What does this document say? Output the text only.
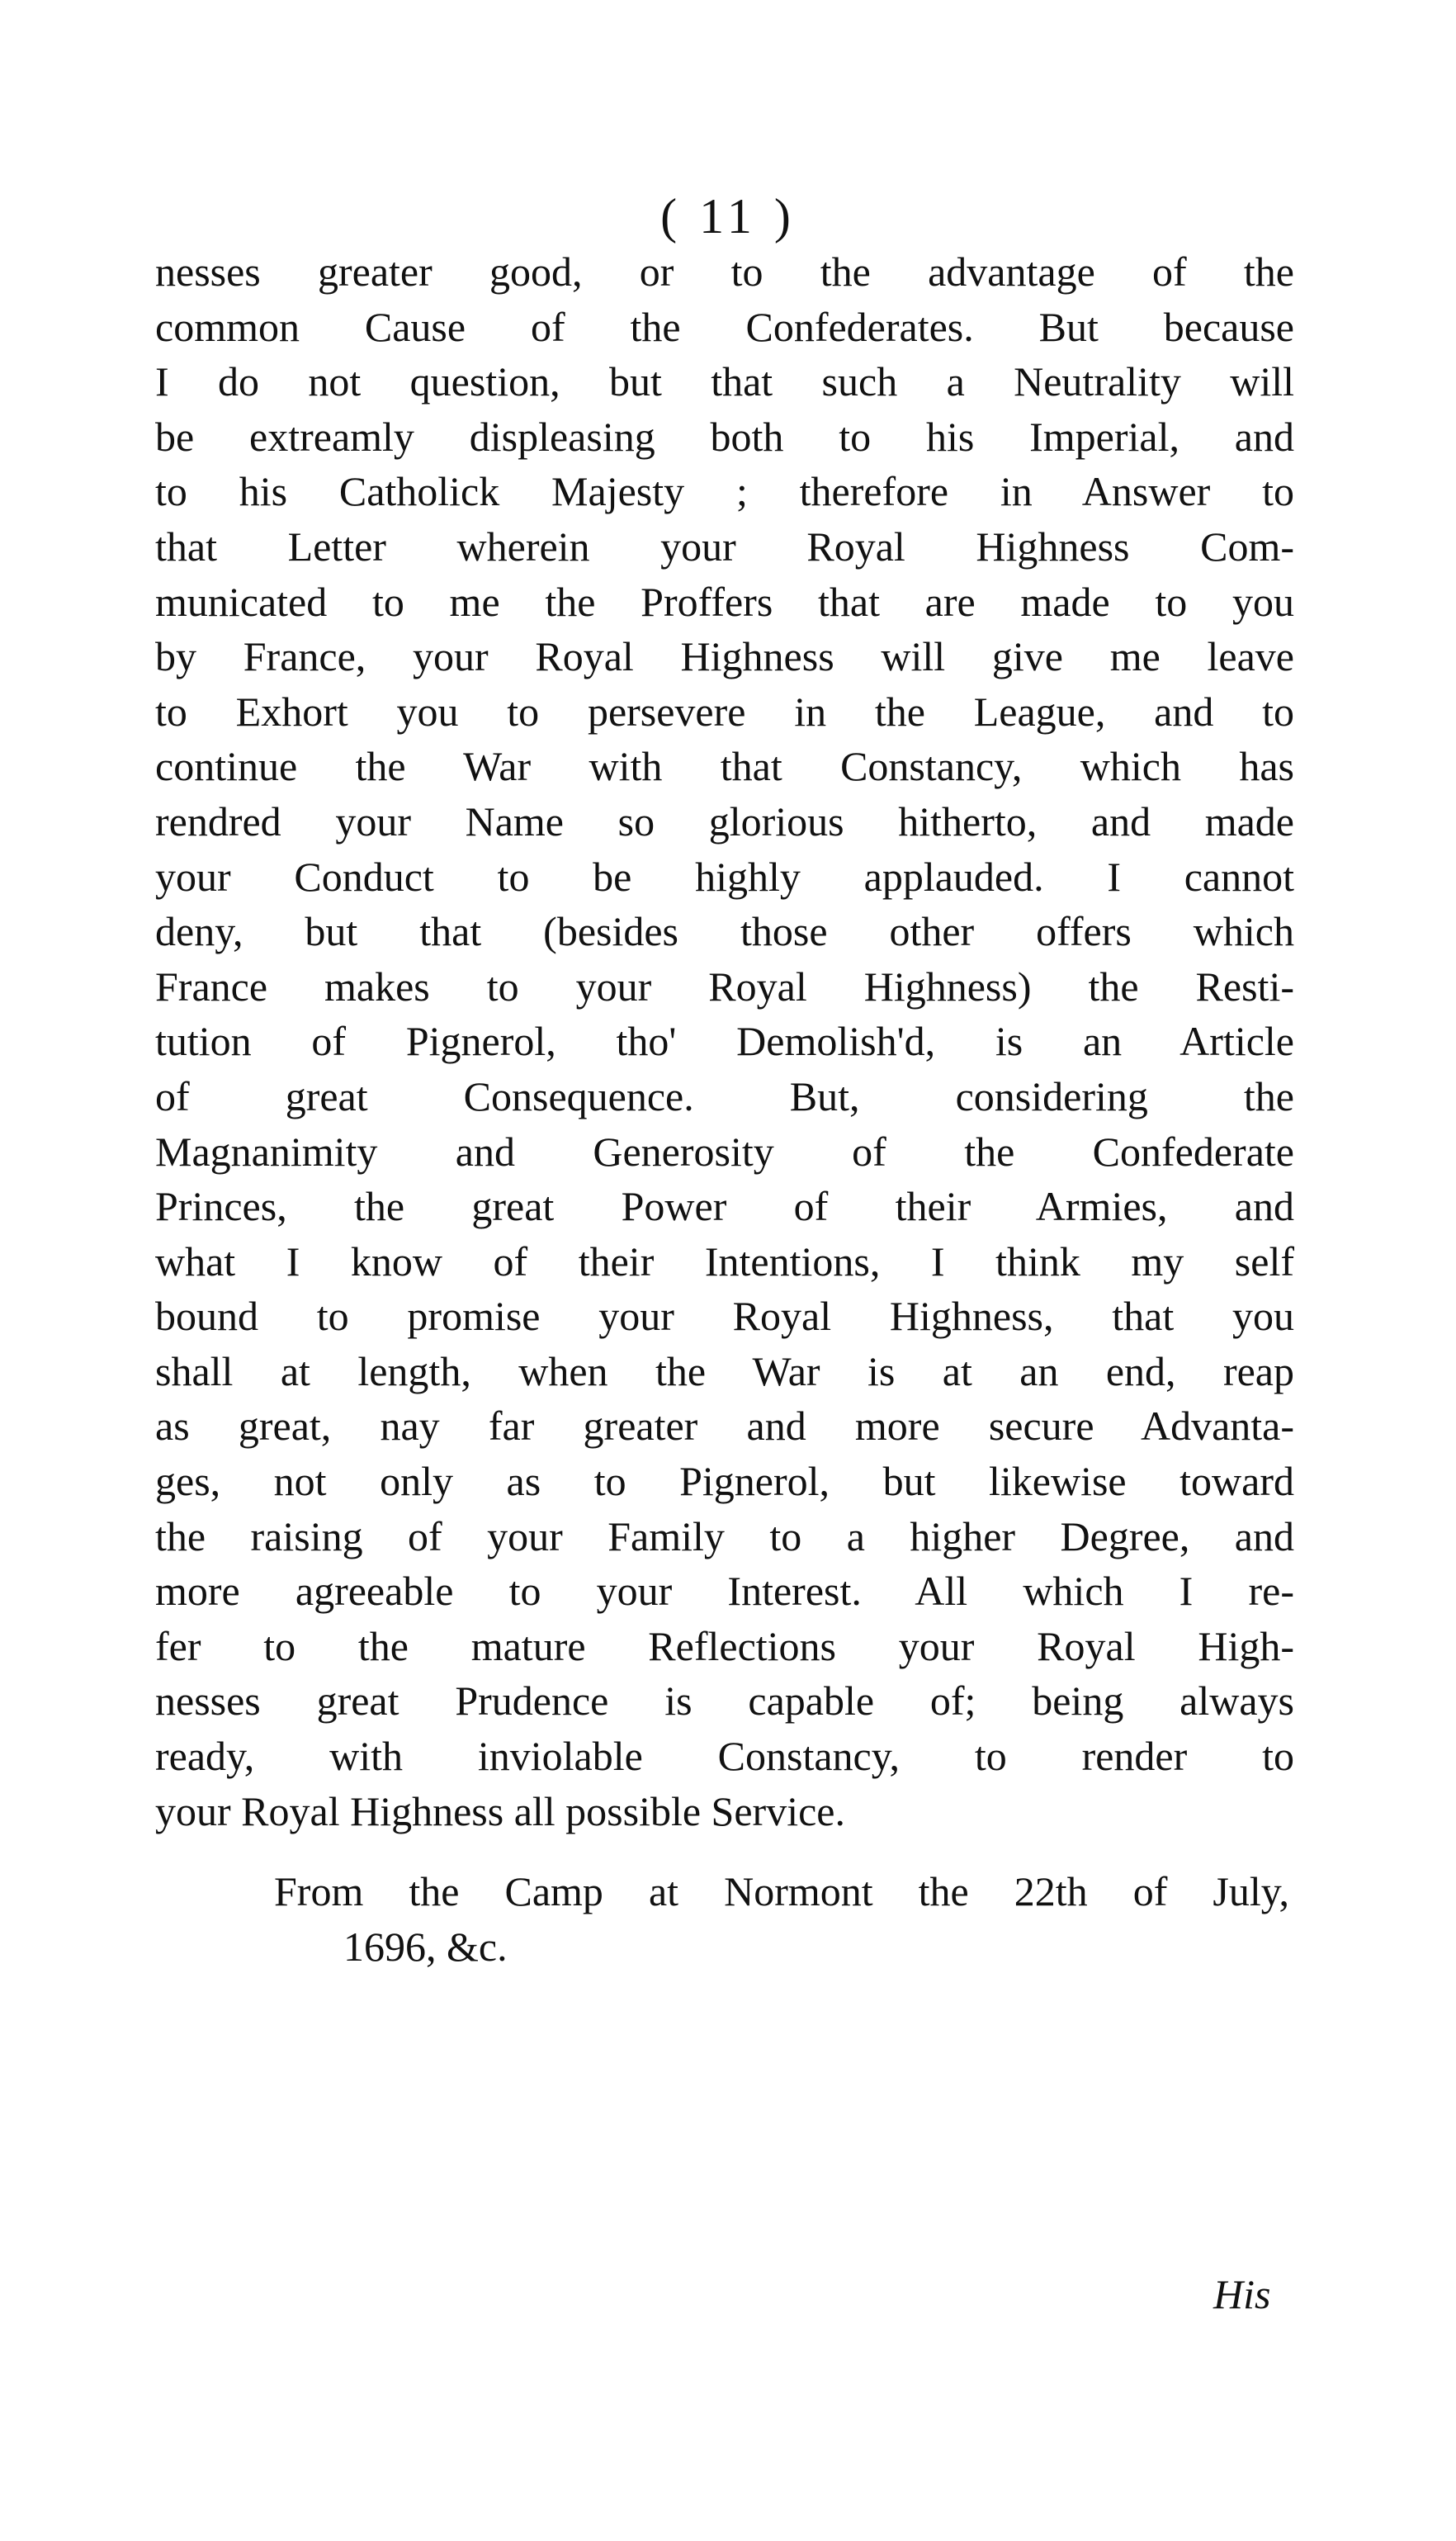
( 11 )
nesses greater good, or to the advantage of the
common Cause of the Confederates. But because
I do not question, but that such a Neutrality will
be extreamly displeasing both to his Imperial, and
to his Catholick Majesty ; therefore in Answer to
that Letter wherein your Royal Highness Com-
municated to me the Proffers that are made to you
by France, your Royal Highness will give me leave
to Exhort you to persevere in the League, and to
continue the War with that Constancy, which has
rendred your Name so glorious hitherto, and made
your Conduct to be highly applauded. I cannot
deny, but that (besides those other offers which
France makes to your Royal Highness) the Resti-
tution of Pignerol, tho' Demolish'd, is an Article
of great Consequence. But, considering the
Magnanimity and Generosity of the Confederate
Princes, the great Power of their Armies, and
what I know of their Intentions, I think my self
bound to promise your Royal Highness, that you
shall at length, when the War is at an end, reap
as great, nay far greater and more secure Advanta-
ges, not only as to Pignerol, but likewise toward
the raising of your Family to a higher Degree, and
more agreeable to your Interest. All which I re-
fer to the mature Reflections your Royal High-
nesses great Prudence is capable of; being always
ready, with inviolable Constancy, to render to
your Royal Highness all possible Service.
From the Camp at Normont the 22th of July,
1696, &c.
His
